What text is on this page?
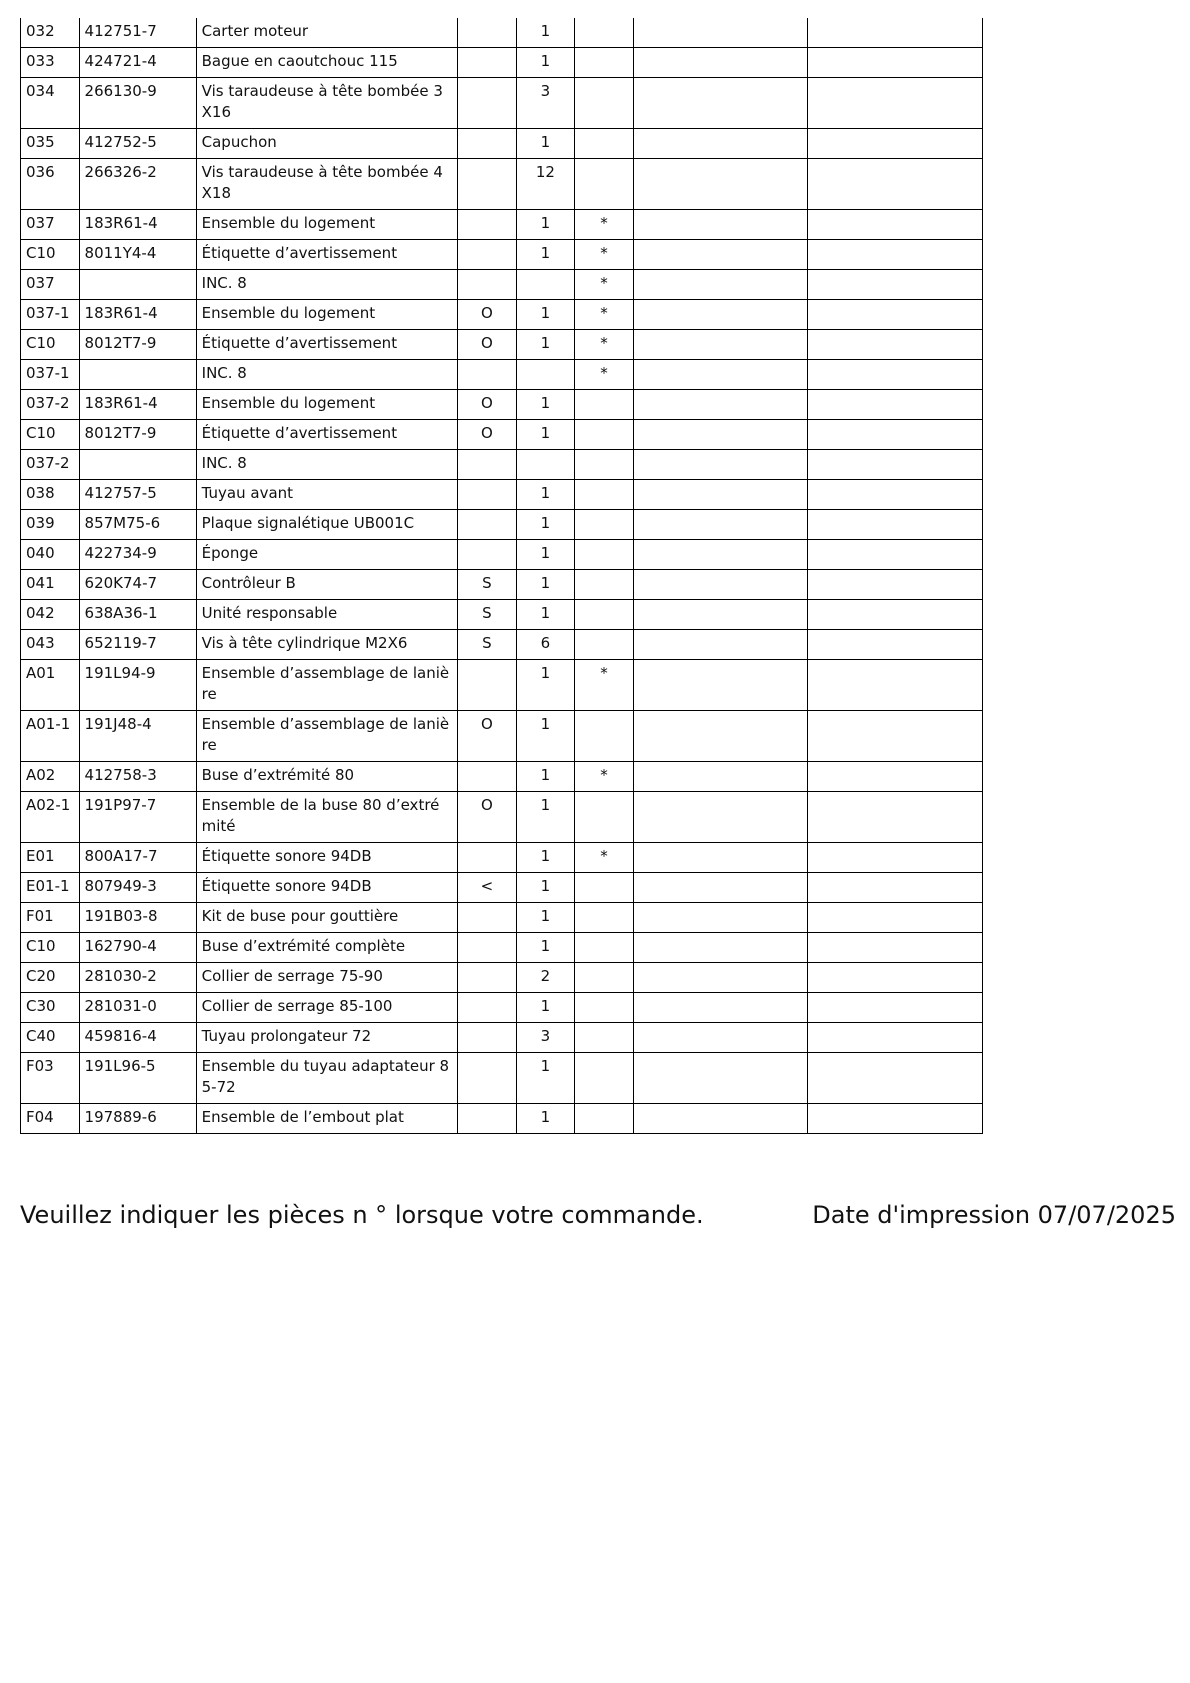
032	412751-7	Carter moteur		1			
033	424721-4	Bague en caoutchouc 115		1			
034	266130-9	Vis taraudeuse à tête bombée 3X16		3			
035	412752-5	Capuchon		1			
036	266326-2	Vis taraudeuse à tête bombée 4X18		12			
037	183R61-4	Ensemble du logement		1	*		
C10	8011Y4-4	Étiquette d’avertissement		1	*		
037		INC. 8			*		
037-1	183R61-4	Ensemble du logement	O	1	*		
C10	8012T7-9	Étiquette d’avertissement	O	1	*		
037-1		INC. 8			*		
037-2	183R61-4	Ensemble du logement	O	1			
C10	8012T7-9	Étiquette d’avertissement	O	1			
037-2		INC. 8					
038	412757-5	Tuyau avant		1			
039	857M75-6	Plaque signalétique UB001C		1			
040	422734-9	Éponge		1			
041	620K74-7	Contrôleur B	S	1			
042	638A36-1	Unité responsable	S	1			
043	652119-7	Vis à tête cylindrique M2X6	S	6			
A01	191L94-9	Ensemble d’assemblage de lanière		1	*		
A01-1	191J48-4	Ensemble d’assemblage de lanière	O	1			
A02	412758-3	Buse d’extrémité 80		1	*		
A02-1	191P97-7	Ensemble de la buse 80 d’extrémité	O	1			
E01	800A17-7	Étiquette sonore 94DB		1	*		
E01-1	807949-3	Étiquette sonore 94DB	<	1			
F01	191B03-8	Kit de buse pour gouttière		1			
C10	162790-4	Buse d’extrémité complète		1			
C20	281030-2	Collier de serrage 75-90		2			
C30	281031-0	Collier de serrage 85-100		1			
C40	459816-4	Tuyau prolongateur 72		3			
F03	191L96-5	Ensemble du tuyau adaptateur 85-72		1			
F04	197889-6	Ensemble de l’embout plat		1			
Veuillez indiquer les pièces n ° lorsque votre commande.	Date d'impression 07/07/2025
